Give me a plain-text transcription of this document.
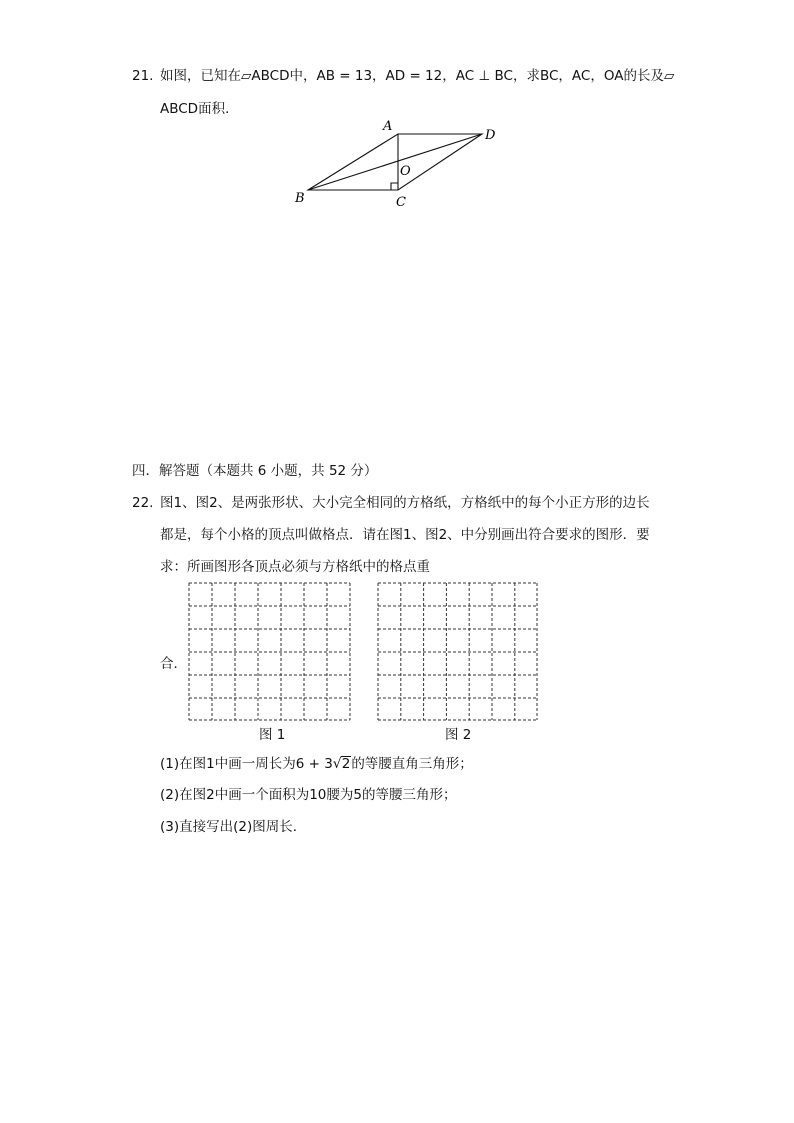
21. 如图，已知在▱ABCD中，AB = 13，AD = 12，AC ⊥ BC，求BC，AC，OA的长及▱
ABCD面积．
A
D
O
B	C
四．解答题（本题共 6 小题，共 52 分）
22. 图1、图2、是两张形状、大小完全相同的方格纸，方格纸中的每个小正方形的边长
都是，每个小格的顶点叫做格点．请在图1、图2、中分别画出符合要求的图形．要
求：所画图形各顶点必须与方格纸中的格点重
合．
图 1	图 2
(1)在图1中画一周长为6 + 3√2的等腰直角三角形；
(2)在图2中画一个面积为10腰为5的等腰三角形；
(3)直接写出(2)图周长．
